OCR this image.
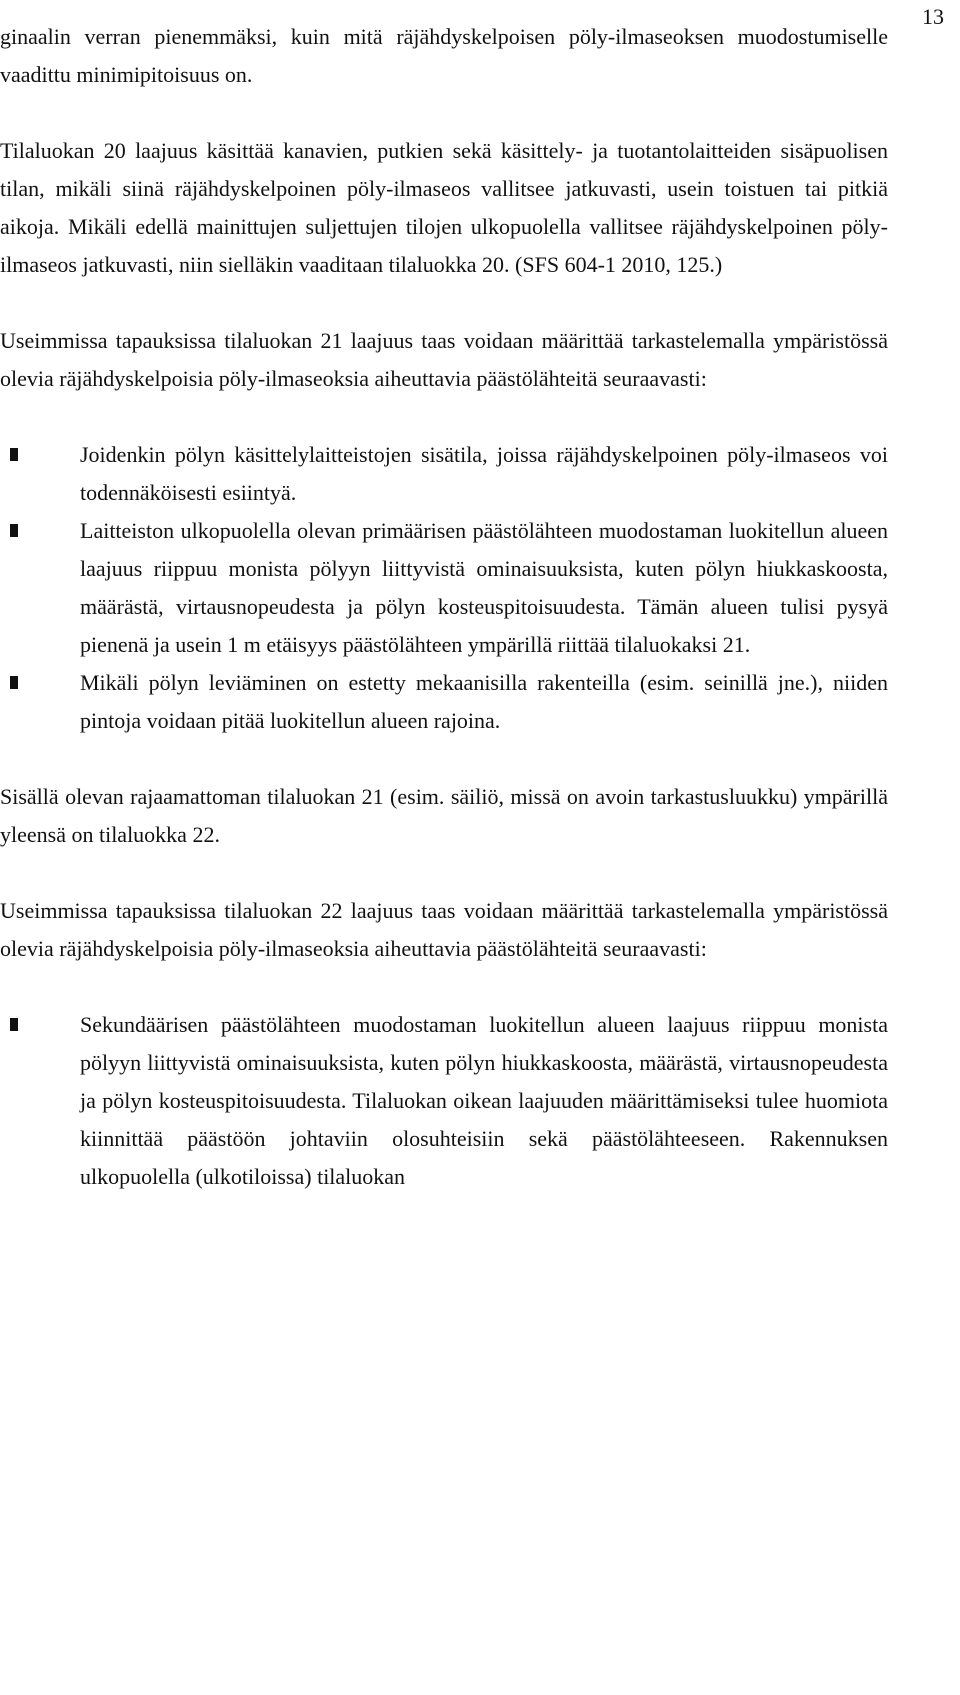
13

ginaalin verran pienemmäksi, kuin mitä räjähdyskelpoisen pöly-ilmaseoksen muodostumiselle vaadittu minimipitoisuus on.

Tilaluokan 20 laajuus käsittää kanavien, putkien sekä käsittely- ja tuotantolaitteiden sisäpuolisen tilan, mikäli siinä räjähdyskelpoinen pöly-ilmaseos vallitsee jatkuvasti, usein toistuen tai pitkiä aikoja. Mikäli edellä mainittujen suljettujen tilojen ulkopuolella vallitsee räjähdyskelpoinen pöly-ilmaseos jatkuvasti, niin sielläkin vaaditaan tilaluokka 20. (SFS 604-1 2010, 125.)

Useimmissa tapauksissa tilaluokan 21 laajuus taas voidaan määrittää tarkastelemalla ympäristössä olevia räjähdyskelpoisia pöly-ilmaseoksia aiheuttavia päästölähteitä seuraavasti:

Joidenkin pölyn käsittelylaitteistojen sisätila, joissa räjähdyskelpoinen pöly-ilmaseos voi todennäköisesti esiintyä.
Laitteiston ulkopuolella olevan primäärisen päästölähteen muodostaman luokitellun alueen laajuus riippuu monista pölyyn liittyvistä ominaisuuksista, kuten pölyn hiukkaskoosta, määrästä, virtausnopeudesta ja pölyn kosteuspitoisuudesta. Tämän alueen tulisi pysyä pienenä ja usein 1 m etäisyys päästölähteen ympärillä riittää tilaluokaksi 21.
Mikäli pölyn leviäminen on estetty mekaanisilla rakenteilla (esim. seinillä jne.), niiden pintoja voidaan pitää luokitellun alueen rajoina.

Sisällä olevan rajaamattoman tilaluokan 21 (esim. säiliö, missä on avoin tarkastusluukku) ympärillä yleensä on tilaluokka 22.

Useimmissa tapauksissa tilaluokan 22 laajuus taas voidaan määrittää tarkastelemalla ympäristössä olevia räjähdyskelpoisia pöly-ilmaseoksia aiheuttavia päästölähteitä seuraavasti:

Sekundäärisen päästölähteen muodostaman luokitellun alueen laajuus riippuu monista pölyyn liittyvistä ominaisuuksista, kuten pölyn hiukkaskoosta, määrästä, virtausnopeudesta ja pölyn kosteuspitoisuudesta. Tilaluokan oikean laajuuden määrittämiseksi tulee huomiota kiinnittää päästöön johtaviin olosuhteisiin sekä päästölähteeseen. Rakennuksen ulkopuolella (ulkotiloissa) tilaluokan
